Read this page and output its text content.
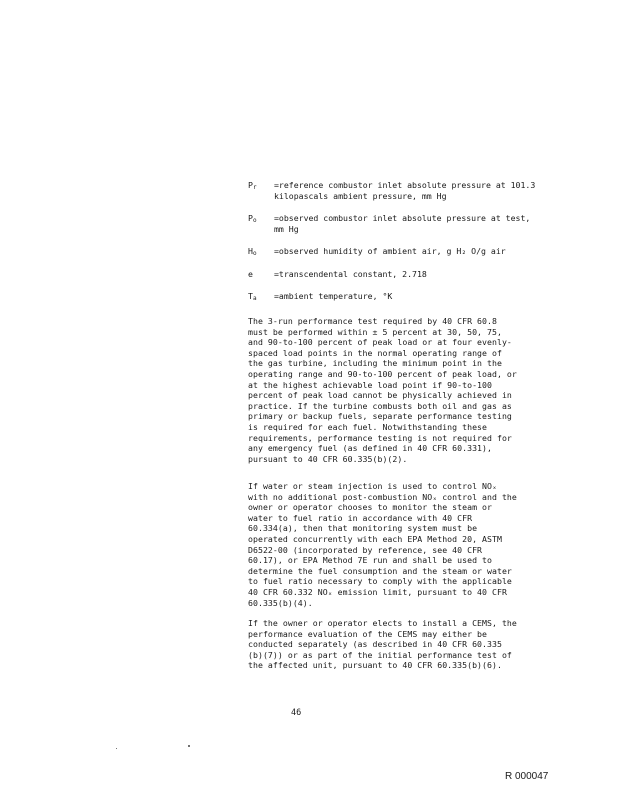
$P_r$	=reference combustor inlet absolute pressure at 101.3 kilopascals ambient pressure, mm Hg
$P_o$	=observed combustor inlet absolute pressure at test, mm Hg
$H_o$	=observed humidity of ambient air, g H₂ O/g air
e	=transcendental constant, 2.718
$T_a$	=ambient temperature, °K
The 3-run performance test required by 40 CFR 60.8 must be performed within ± 5 percent at 30, 50, 75, and 90-to-100 percent of peak load or at four evenly-spaced load points in the normal operating range of the gas turbine, including the minimum point in the operating range and 90-to-100 percent of peak load, or at the highest achievable load point if 90-to-100 percent of peak load cannot be physically achieved in practice. If the turbine combusts both oil and gas as primary or backup fuels, separate performance testing is required for each fuel. Notwithstanding these requirements, performance testing is not required for any emergency fuel (as defined in 40 CFR 60.331), pursuant to 40 CFR 60.335(b)(2).
If water or steam injection is used to control NOₓ with no additional post-combustion NOₓ control and the owner or operator chooses to monitor the steam or water to fuel ratio in accordance with 40 CFR 60.334(a), then that monitoring system must be operated concurrently with each EPA Method 20, ASTM D6522-00 (incorporated by reference, see 40 CFR 60.17), or EPA Method 7E run and shall be used to determine the fuel consumption and the steam or water to fuel ratio necessary to comply with the applicable 40 CFR 60.332 NOₓ emission limit, pursuant to 40 CFR 60.335(b)(4).
If the owner or operator elects to install a CEMS, the performance evaluation of the CEMS may either be conducted separately (as described in 40 CFR 60.335 (b)(7)) or as part of the initial performance test of the affected unit, pursuant to 40 CFR 60.335(b)(6).
46
R 000047
